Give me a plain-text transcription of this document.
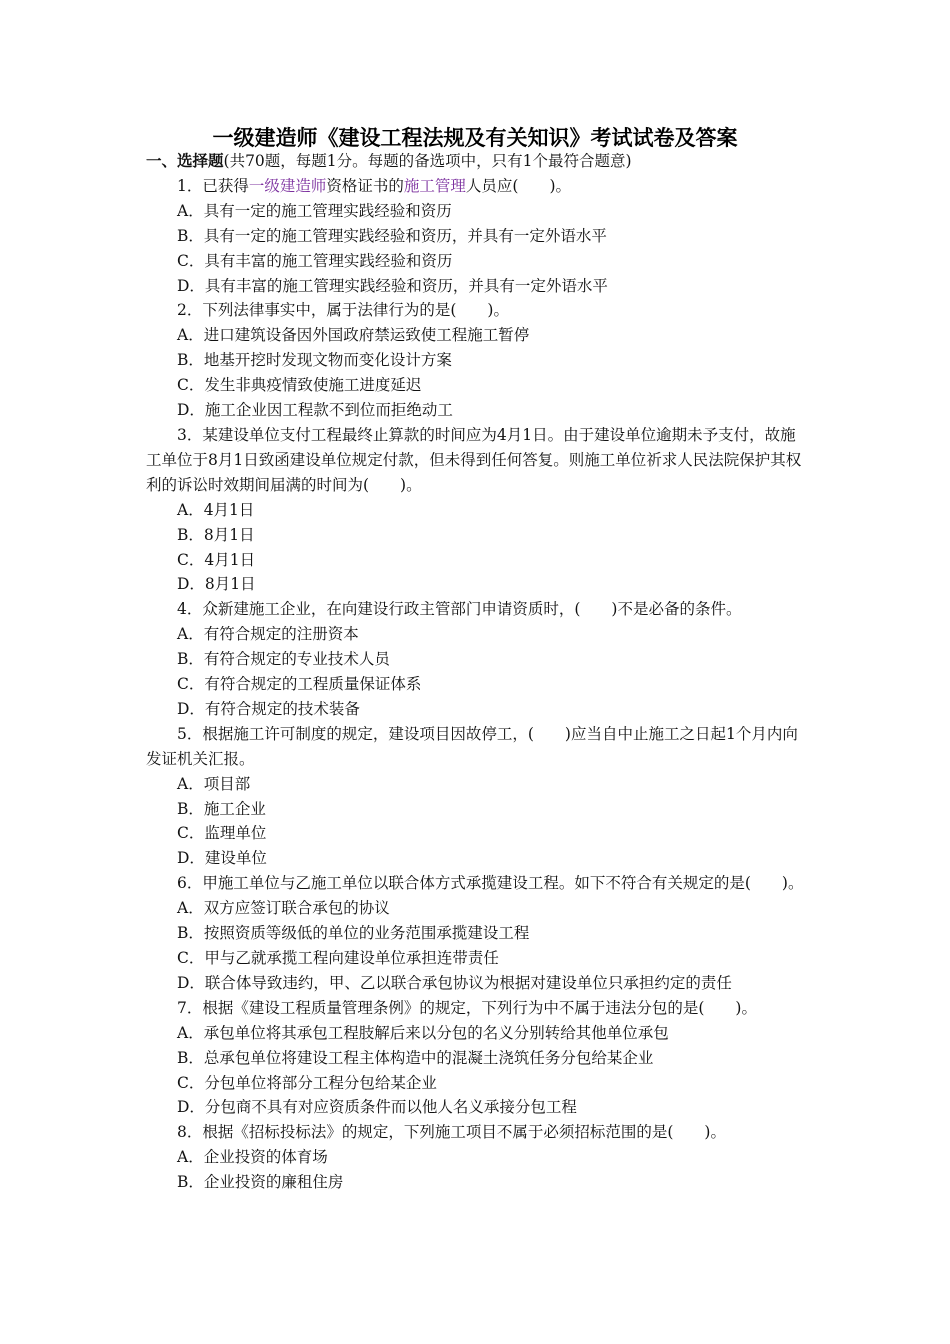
一级建造师《建设工程法规及有关知识》考试试卷及答案
一、选择题(共70题，每题1分。每题的备选项中，只有1个最符合题意)
1．已获得一级建造师资格证书的施工管理人员应(　　)。
A．具有一定的施工管理实践经验和资历
B．具有一定的施工管理实践经验和资历，并具有一定外语水平
C．具有丰富的施工管理实践经验和资历
D．具有丰富的施工管理实践经验和资历，并具有一定外语水平
2．下列法律事实中，属于法律行为的是(　　)。
A．进口建筑设备因外国政府禁运致使工程施工暂停
B．地基开挖时发现文物而变化设计方案
C．发生非典疫情致使施工进度延迟
D．施工企业因工程款不到位而拒绝动工
3．某建设单位支付工程最终止算款的时间应为4月1日。由于建设单位逾期未予支付，故施工单位于8月1日致函建设单位规定付款，但未得到任何答复。则施工单位祈求人民法院保护其权利的诉讼时效期间届满的时间为(　　)。
A．4月1日
B．8月1日
C．4月1日
D．8月1日
4．众新建施工企业，在向建设行政主管部门申请资质时，(　　)不是必备的条件。
A．有符合规定的注册资本
B．有符合规定的专业技术人员
C．有符合规定的工程质量保证体系
D．有符合规定的技术装备
5．根据施工许可制度的规定，建设项目因故停工，(　　)应当自中止施工之日起1个月内向发证机关汇报。
A．项目部
B．施工企业
C．监理单位
D．建设单位
6．甲施工单位与乙施工单位以联合体方式承揽建设工程。如下不符合有关规定的是(　　)。
A．双方应签订联合承包的协议
B．按照资质等级低的单位的业务范围承揽建设工程
C．甲与乙就承揽工程向建设单位承担连带责任
D．联合体导致违约，甲、乙以联合承包协议为根据对建设单位只承担约定的责任
7．根据《建设工程质量管理条例》的规定，下列行为中不属于违法分包的是(　　)。
A．承包单位将其承包工程肢解后来以分包的名义分别转给其他单位承包
B．总承包单位将建设工程主体构造中的混凝土浇筑任务分包给某企业
C．分包单位将部分工程分包给某企业
D．分包商不具有对应资质条件而以他人名义承接分包工程
8．根据《招标投标法》的规定，下列施工项目不属于必须招标范围的是(　　)。
A．企业投资的体育场
B．企业投资的廉租住房
